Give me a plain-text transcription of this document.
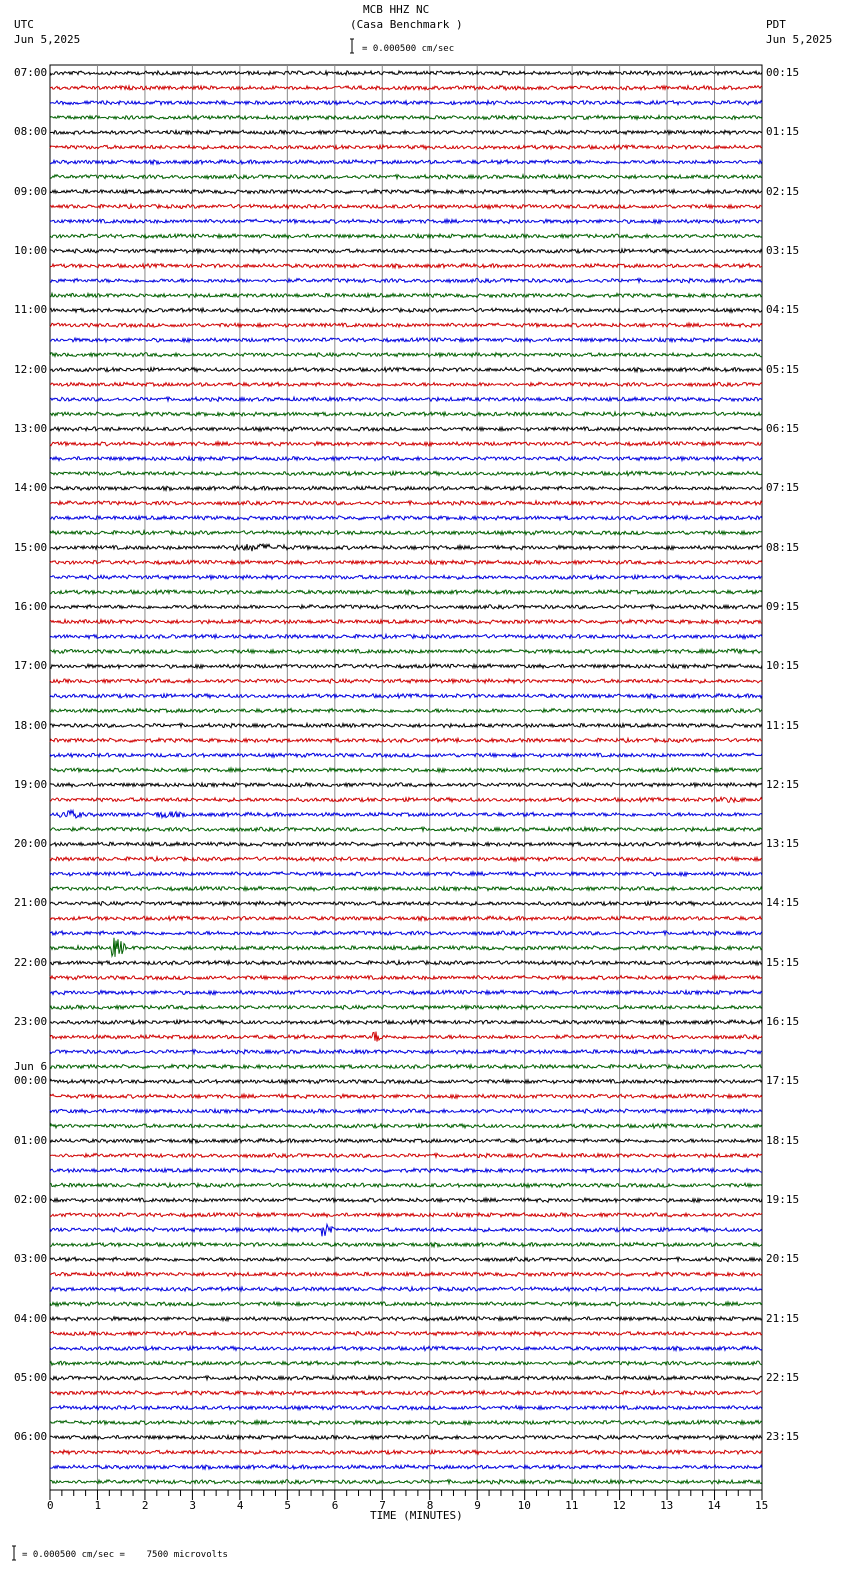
MCB HHZ NC
(Casa Benchmark )
UTC
Jun 5,2025
PDT
Jun 5,2025
= 0.000500 cm/sec
= 0.000500 cm/sec =    7500 microvolts
TIME (MINUTES)
07:00	00:15
08:00	01:15
09:00	02:15
10:00	03:15
11:00	04:15
12:00	05:15
13:00	06:15
14:00	07:15
15:00	08:15
16:00	09:15
17:00	10:15
18:00	11:15
19:00	12:15
20:00	13:15
21:00	14:15
22:00	15:15
23:00	16:15
00:00	17:15
Jun 6
01:00	18:15
02:00	19:15
03:00	20:15
04:00	21:15
05:00	22:15
06:00	23:15
0	1	2	3	4	5	6	7	8	9	10	11	12	13	14	15
